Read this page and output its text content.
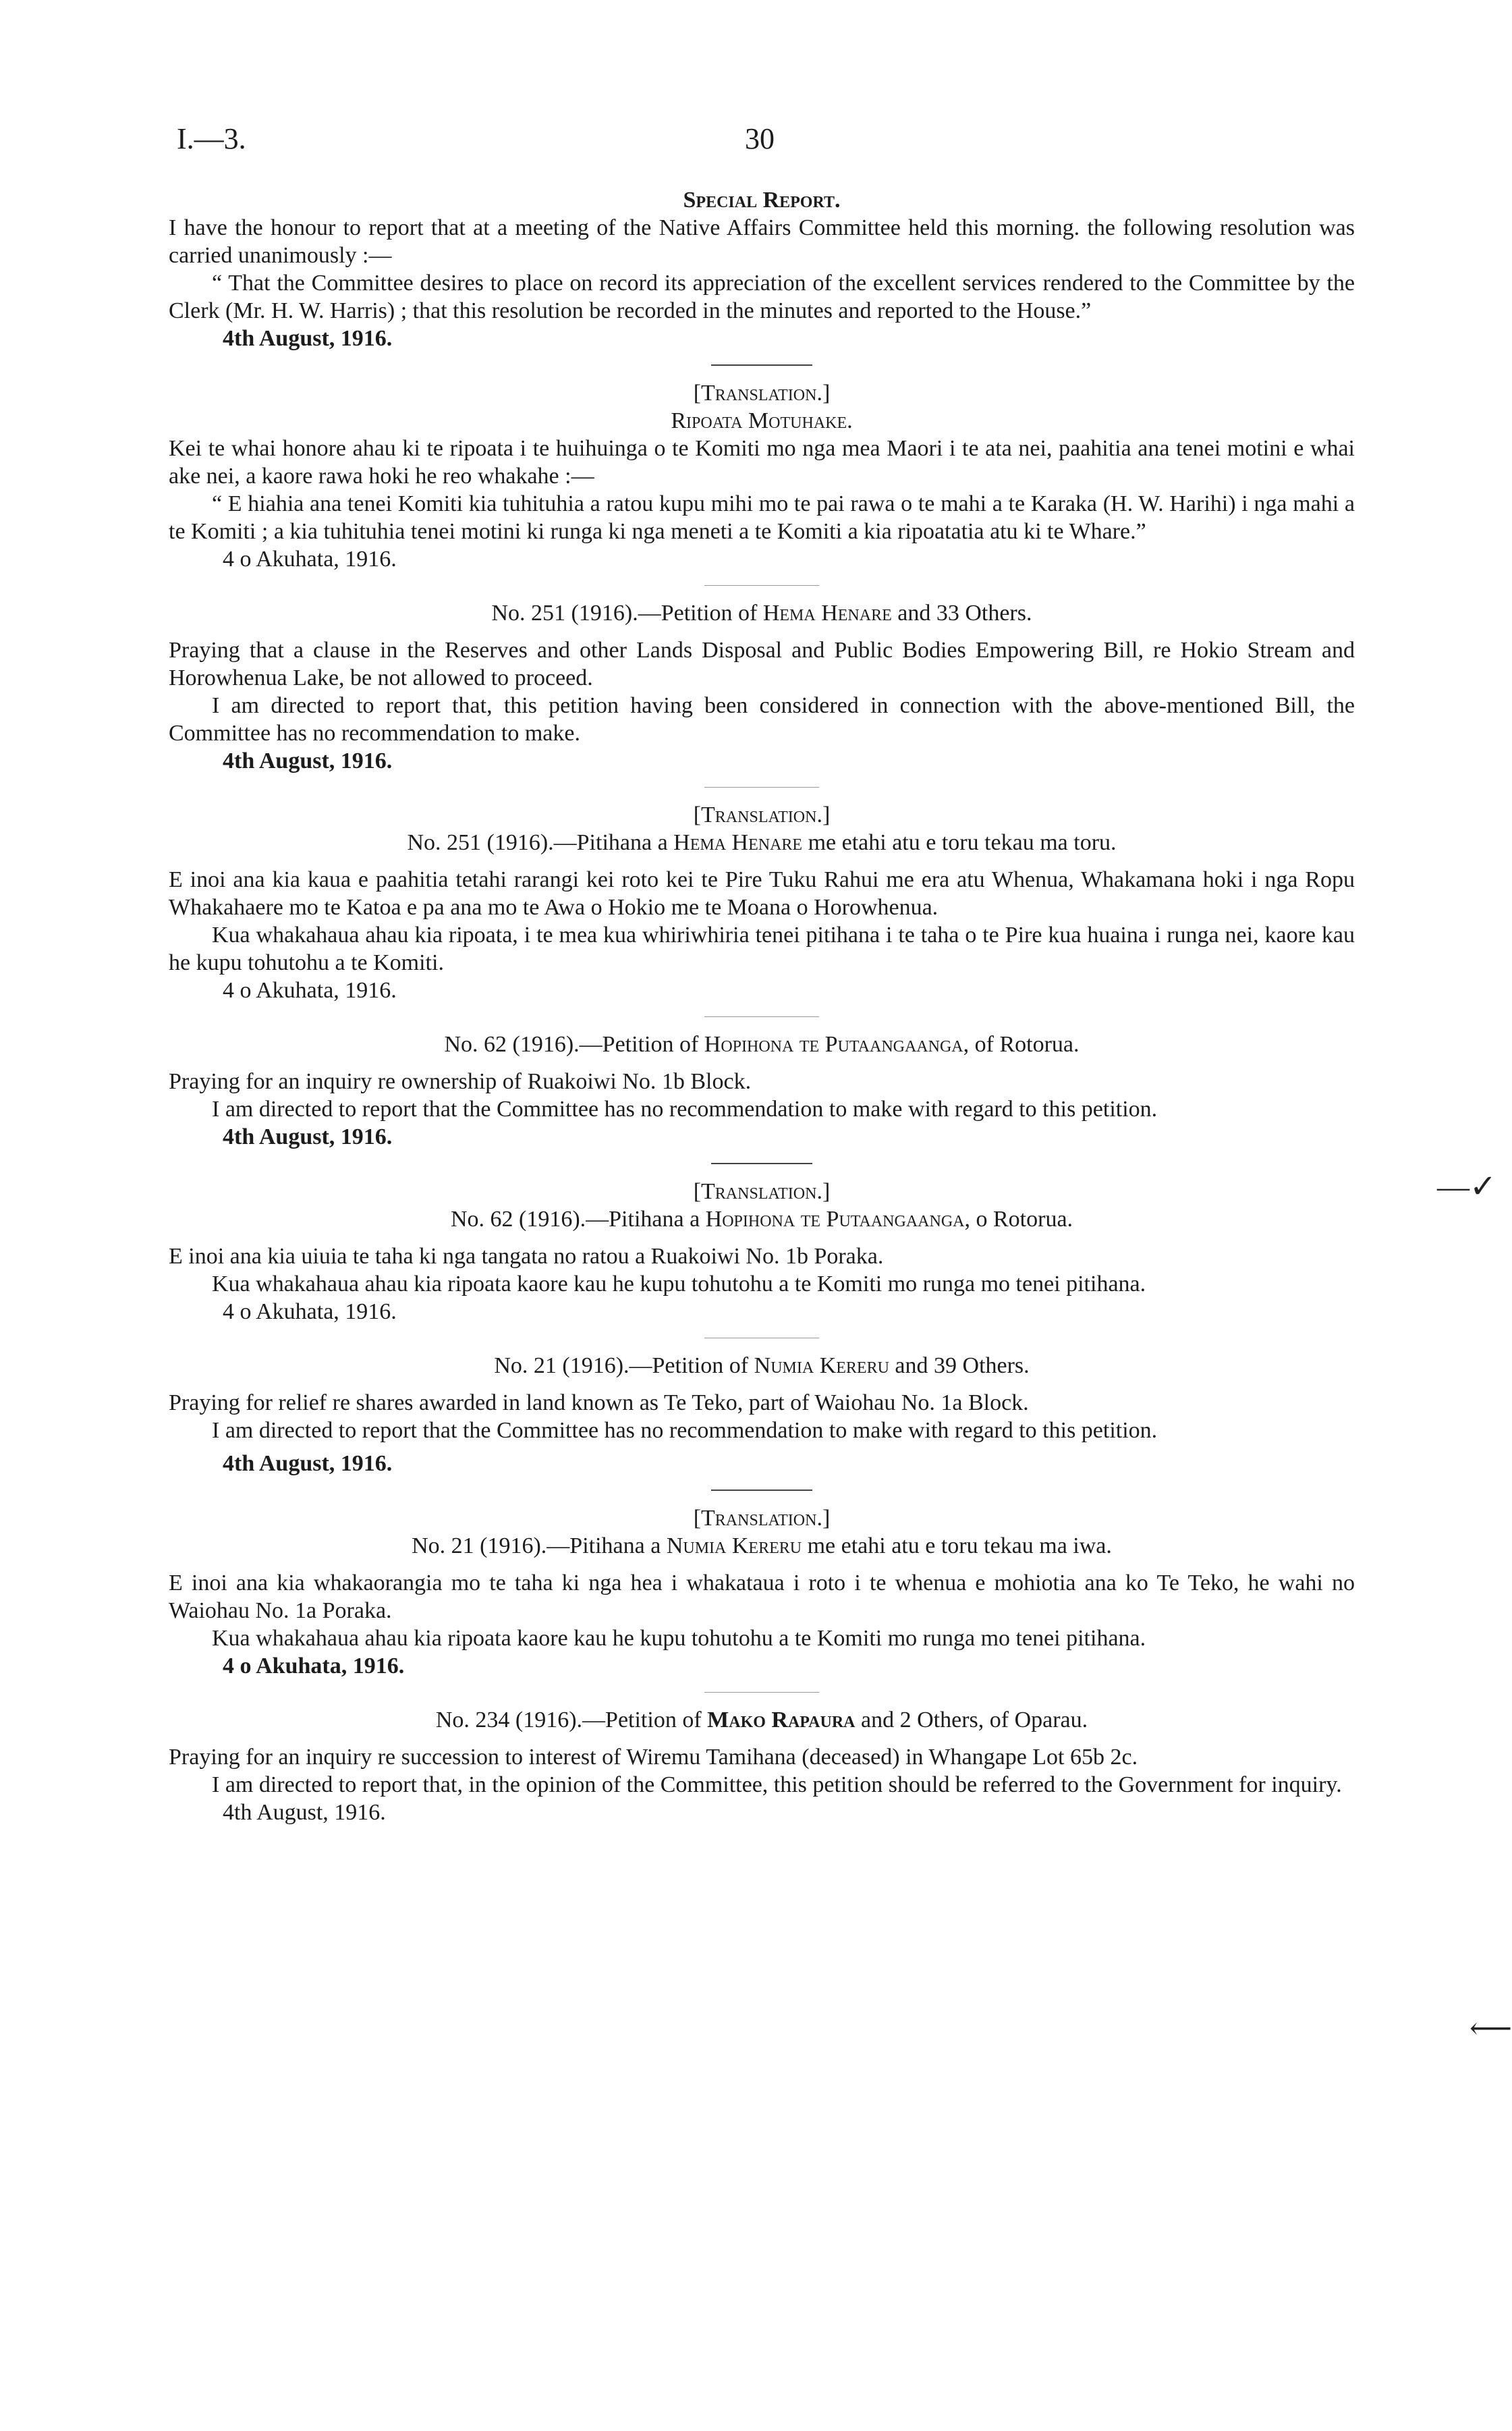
I.—3.	30

Special Report.

I have the honour to report that at a meeting of the Native Affairs Committee held this morning. the following resolution was carried unanimously :—

“ That the Committee desires to place on record its appreciation of the excellent services rendered to the Committee by the Clerk (Mr. H. W. Harris) ; that this resolution be recorded in the minutes and reported to the House.”

4th August, 1916.

[Translation.]

Ripoata Motuhake.

Kei te whai honore ahau ki te ripoata i te huihuinga o te Komiti mo nga mea Maori i te ata nei, paahitia ana tenei motini e whai ake nei, a kaore rawa hoki he reo whakahe :—

“ E hiahia ana tenei Komiti kia tuhituhia a ratou kupu mihi mo te pai rawa o te mahi a te Karaka (H. W. Harihi) i nga mahi a te Komiti ; a kia tuhituhia tenei motini ki runga ki nga meneti a te Komiti a kia ripoatatia atu ki te Whare.”

4 o Akuhata, 1916.

No. 251 (1916).—Petition of Hema Henare and 33 Others.

Praying that a clause in the Reserves and other Lands Disposal and Public Bodies Empowering Bill, re Hokio Stream and Horowhenua Lake, be not allowed to proceed.

I am directed to report that, this petition having been considered in connection with the above-mentioned Bill, the Committee has no recommendation to make.

4th August, 1916.

[Translation.]

No. 251 (1916).—Pitihana a Hema Henare me etahi atu e toru tekau ma toru.

E inoi ana kia kaua e paahitia tetahi rarangi kei roto kei te Pire Tuku Rahui me era atu Whenua, Whakamana hoki i nga Ropu Whakahaere mo te Katoa e pa ana mo te Awa o Hokio me te Moana o Horowhenua.

Kua whakahaua ahau kia ripoata, i te mea kua whiriwhiria tenei pitihana i te taha o te Pire kua huaina i runga nei, kaore kau he kupu tohutohu a te Komiti.

4 o Akuhata, 1916.

No. 62 (1916).—Petition of Hopihona te Putaangaanga, of Rotorua.

Praying for an inquiry re ownership of Ruakoiwi No. 1b Block.

I am directed to report that the Committee has no recommendation to make with regard to this petition.

4th August, 1916.

[Translation.]

No. 62 (1916).—Pitihana a Hopihona te Putaangaanga, o Rotorua.

E inoi ana kia uiuia te taha ki nga tangata no ratou a Ruakoiwi No. 1b Poraka.

Kua whakahaua ahau kia ripoata kaore kau he kupu tohutohu a te Komiti mo runga mo tenei pitihana.

4 o Akuhata, 1916.

No. 21 (1916).—Petition of Numia Kereru and 39 Others.

Praying for relief re shares awarded in land known as Te Teko, part of Waiohau No. 1a Block.

I am directed to report that the Committee has no recommendation to make with regard to this petition.

4th August, 1916.

[Translation.]

No. 21 (1916).—Pitihana a Numia Kereru me etahi atu e toru tekau ma iwa.

E inoi ana kia whakaorangia mo te taha ki nga hea i whakataua i roto i te whenua e mohiotia ana ko Te Teko, he wahi no Waiohau No. 1a Poraka.

Kua whakahaua ahau kia ripoata kaore kau he kupu tohutohu a te Komiti mo runga mo tenei pitihana.

4 o Akuhata, 1916.

No. 234 (1916).—Petition of Mako Rapaura and 2 Others, of Oparau.

Praying for an inquiry re succession to interest of Wiremu Tamihana (deceased) in Whangape Lot 65b 2c.

I am directed to report that, in the opinion of the Committee, this petition should be referred to the Government for inquiry.

4th August, 1916.

—✓
⟵
